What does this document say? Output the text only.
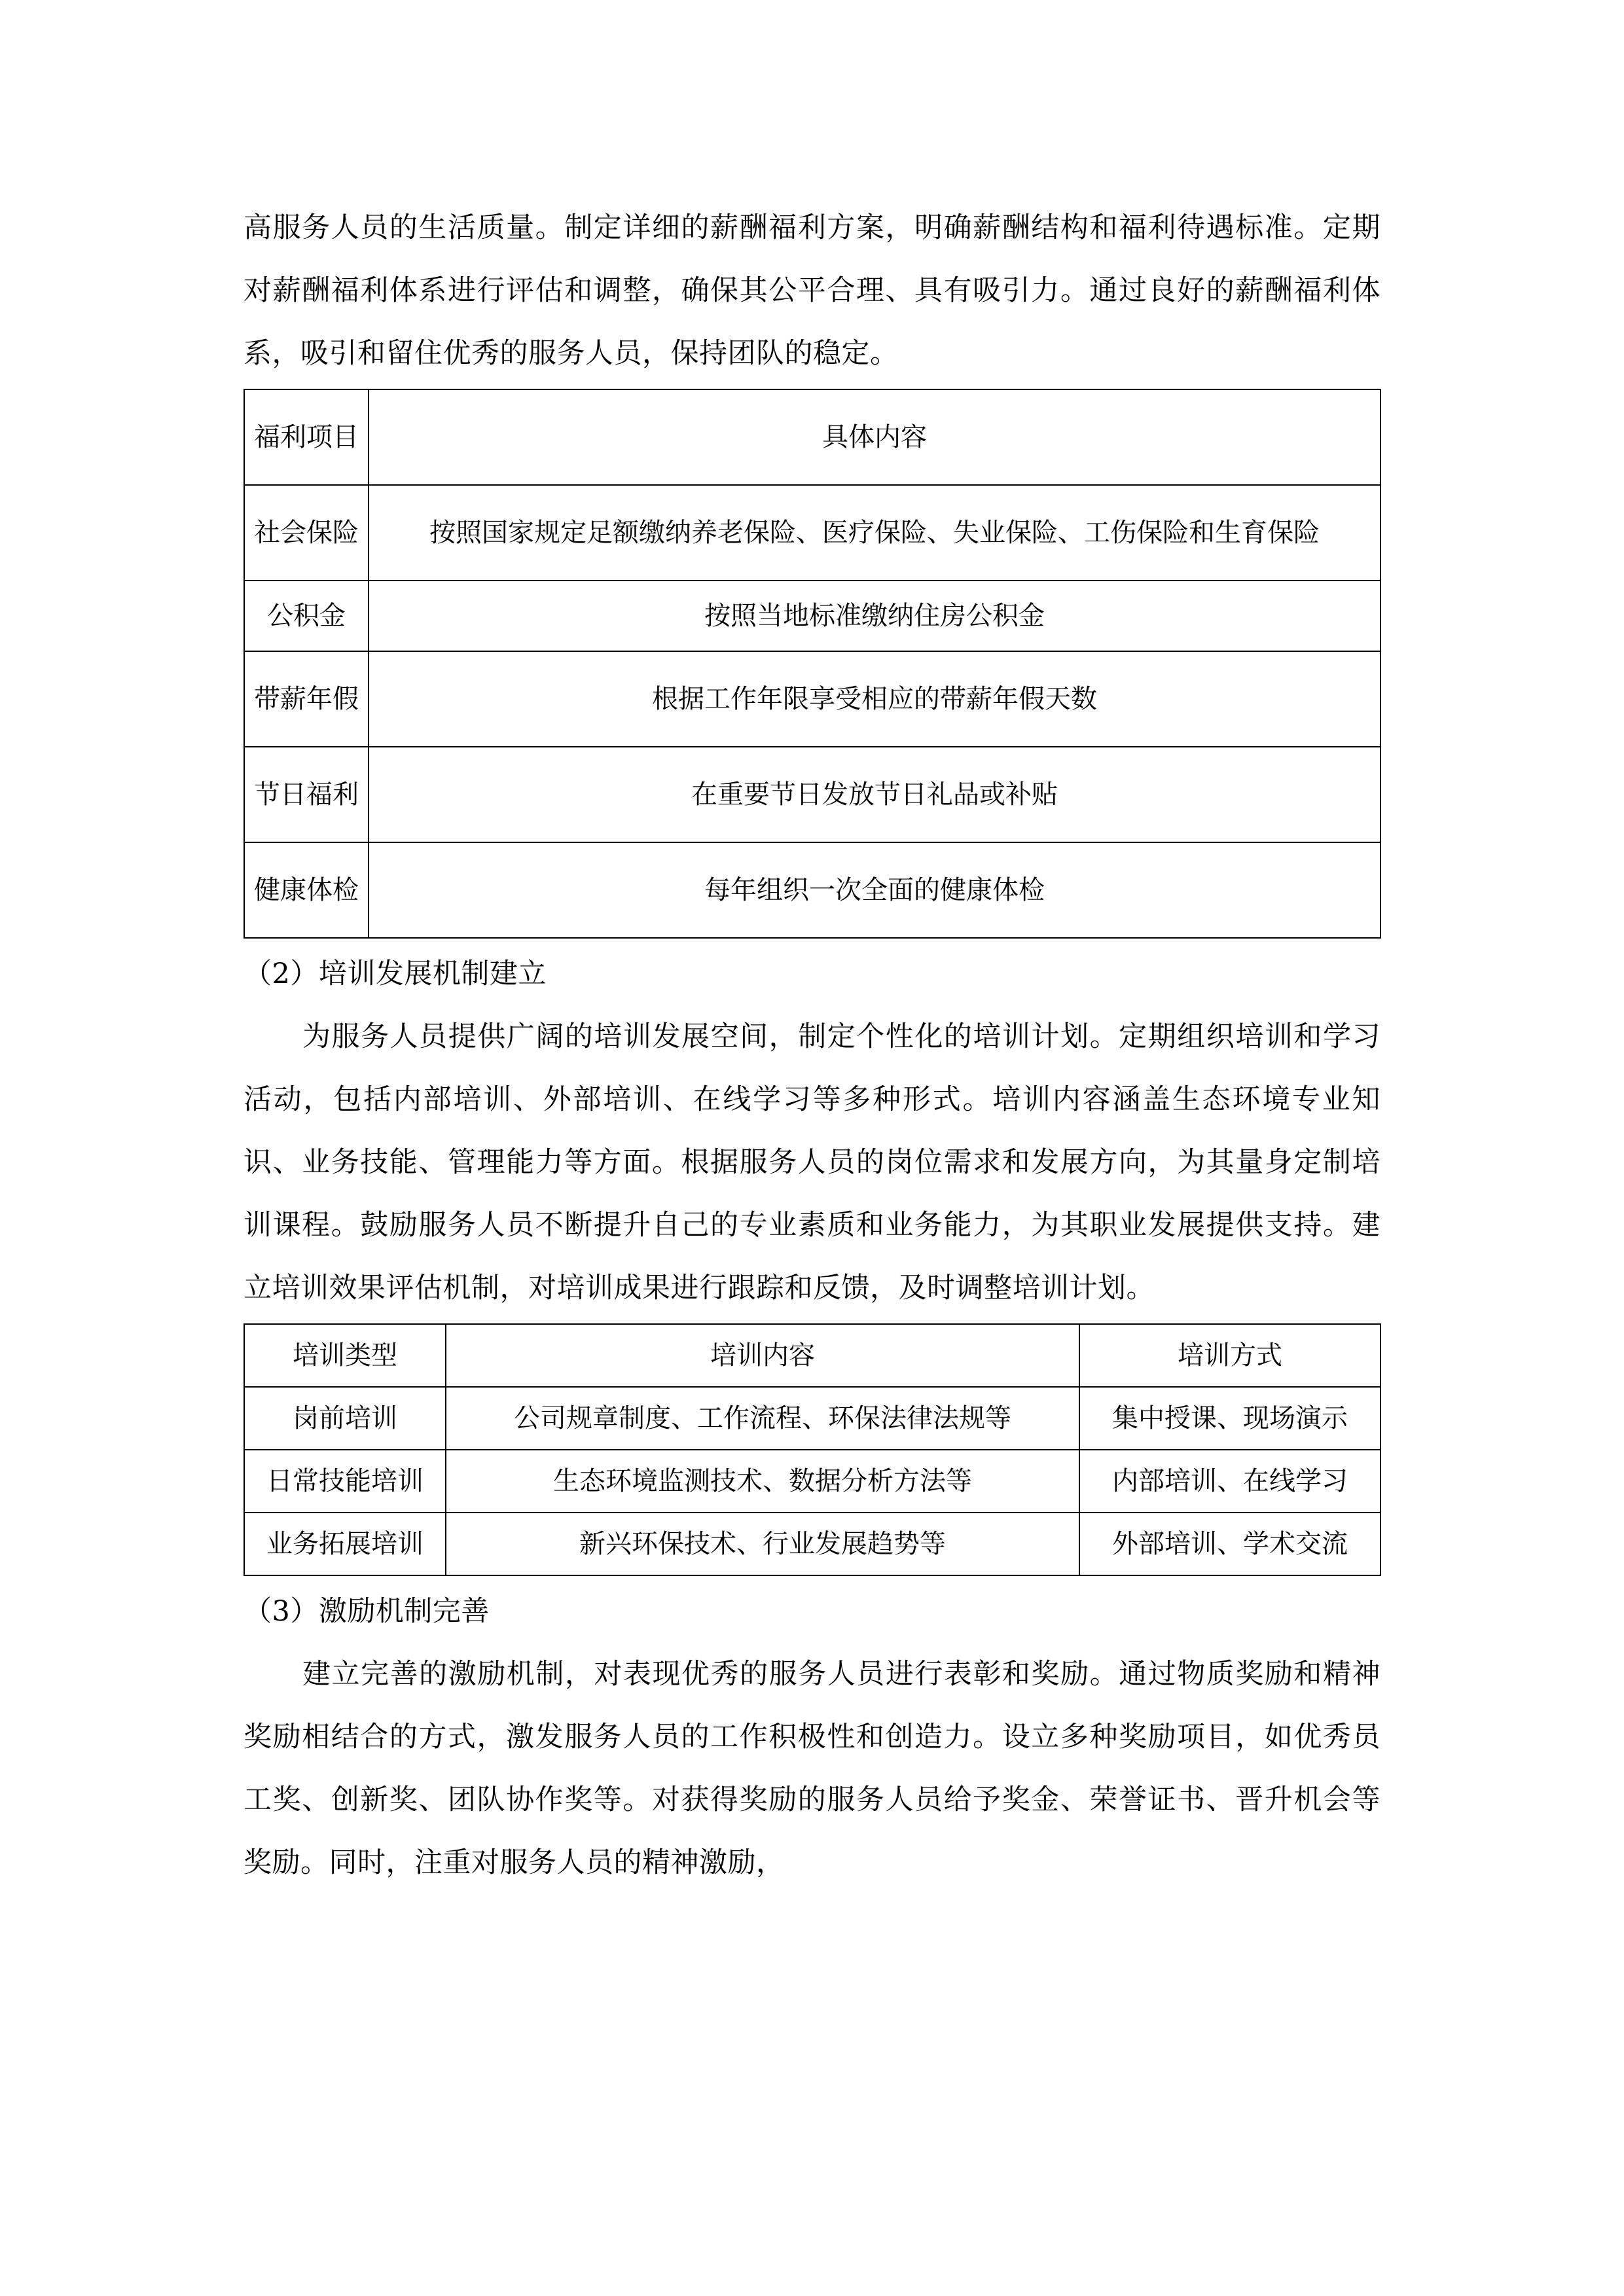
高服务人员的生活质量。制定详细的薪酬福利方案，明确薪酬结构和福利待遇标准。定期对薪酬福利体系进行评估和调整，确保其公平合理、具有吸引力。通过良好的薪酬福利体系，吸引和留住优秀的服务人员，保持团队的稳定。

福利项目	具体内容
社会保险	按照国家规定足额缴纳养老保险、医疗保险、失业保险、工伤保险和生育保险
公积金	按照当地标准缴纳住房公积金
带薪年假	根据工作年限享受相应的带薪年假天数
节日福利	在重要节日发放节日礼品或补贴
健康体检	每年组织一次全面的健康体检

（2）培训发展机制建立

为服务人员提供广阔的培训发展空间，制定个性化的培训计划。定期组织培训和学习活动，包括内部培训、外部培训、在线学习等多种形式。培训内容涵盖生态环境专业知识、业务技能、管理能力等方面。根据服务人员的岗位需求和发展方向，为其量身定制培训课程。鼓励服务人员不断提升自己的专业素质和业务能力，为其职业发展提供支持。建立培训效果评估机制，对培训成果进行跟踪和反馈，及时调整培训计划。

培训类型	培训内容	培训方式
岗前培训	公司规章制度、工作流程、环保法律法规等	集中授课、现场演示
日常技能培训	生态环境监测技术、数据分析方法等	内部培训、在线学习
业务拓展培训	新兴环保技术、行业发展趋势等	外部培训、学术交流

（3）激励机制完善

建立完善的激励机制，对表现优秀的服务人员进行表彰和奖励。通过物质奖励和精神奖励相结合的方式，激发服务人员的工作积极性和创造力。设立多种奖励项目，如优秀员工奖、创新奖、团队协作奖等。对获得奖励的服务人员给予奖金、荣誉证书、晋升机会等奖励。同时，注重对服务人员的精神激励，
